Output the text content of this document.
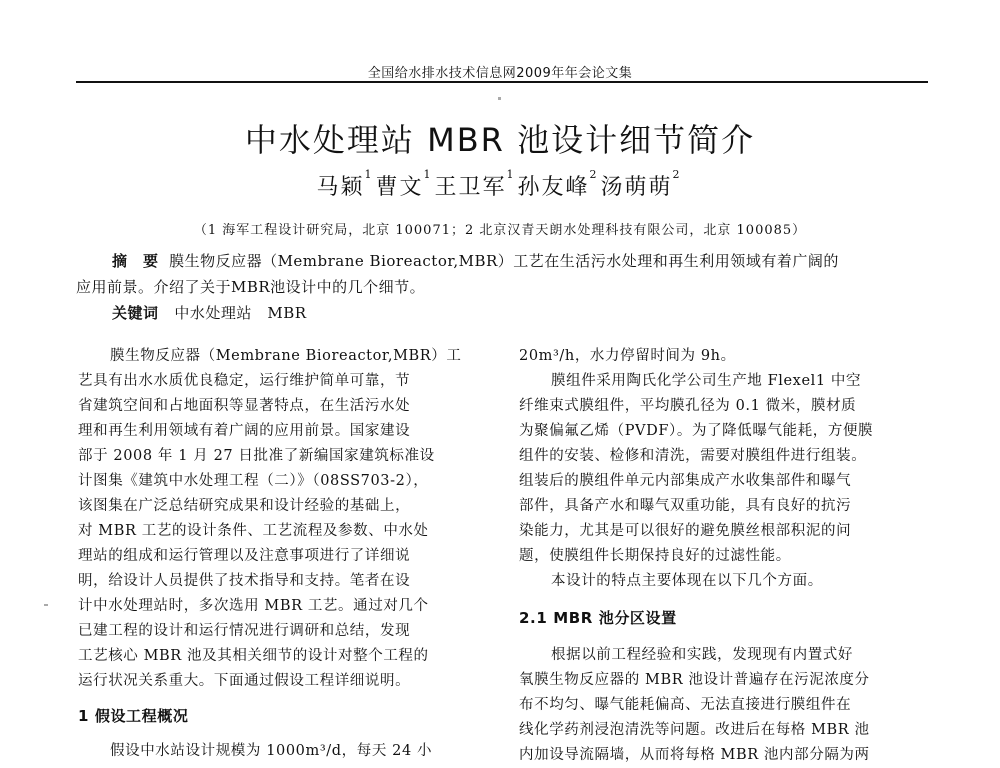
全国给水排水技术信息网2009年年会论文集
中水处理站 MBR 池设计细节简介
马颖$^1$曹文$^1$王卫军$^1$孙友峰$^2$汤萌萌$^2$
（1 海军工程设计研究局，北京 100071；2 北京汉青天朗水处理科技有限公司，北京 100085）
摘　要 膜生物反应器（Membrane Bioreactor,MBR）工艺在生活污水处理和再生利用领域有着广阔的
应用前景。介绍了关于MBR池设计中的几个细节。
关键词 中水处理站　MBR
膜生物反应器（Membrane Bioreactor,MBR）工
艺具有出水水质优良稳定，运行维护简单可靠，节
省建筑空间和占地面积等显著特点，在生活污水处
理和再生利用领域有着广阔的应用前景。国家建设
部于 2008 年 1 月 27 日批准了新编国家建筑标准设
计图集《建筑中水处理工程（二）》（08SS703-2），
该图集在广泛总结研究成果和设计经验的基础上，
对 MBR 工艺的设计条件、工艺流程及参数、中水处
理站的组成和运行管理以及注意事项进行了详细说
明，给设计人员提供了技术指导和支持。笔者在设
计中水处理站时，多次选用 MBR 工艺。通过对几个
已建工程的设计和运行情况进行调研和总结，发现
工艺核心 MBR 池及其相关细节的设计对整个工程的
运行状况关系重大。下面通过假设工程详细说明。
1 假设工程概况
假设中水站设计规模为 1000m³/d，每天 24 小
20m³/h，水力停留时间为 9h。
膜组件采用陶氏化学公司生产地 Flexel1 中空
纤维束式膜组件，平均膜孔径为 0.1 微米，膜材质
为聚偏氟乙烯（PVDF）。为了降低曝气能耗，方便膜
组件的安装、检修和清洗，需要对膜组件进行组装。
组装后的膜组件单元内部集成产水收集部件和曝气
部件，具备产水和曝气双重功能，具有良好的抗污
染能力，尤其是可以很好的避免膜丝根部积泥的问
题，使膜组件长期保持良好的过滤性能。
本设计的特点主要体现在以下几个方面。
2.1 MBR 池分区设置
根据以前工程经验和实践，发现现有内置式好
氧膜生物反应器的 MBR 池设计普遍存在污泥浓度分
布不均匀、曝气能耗偏高、无法直接进行膜组件在
线化学药剂浸泡清洗等问题。改进后在每格 MBR 池
内加设导流隔墙，从而将每格 MBR 池内部分隔为两
